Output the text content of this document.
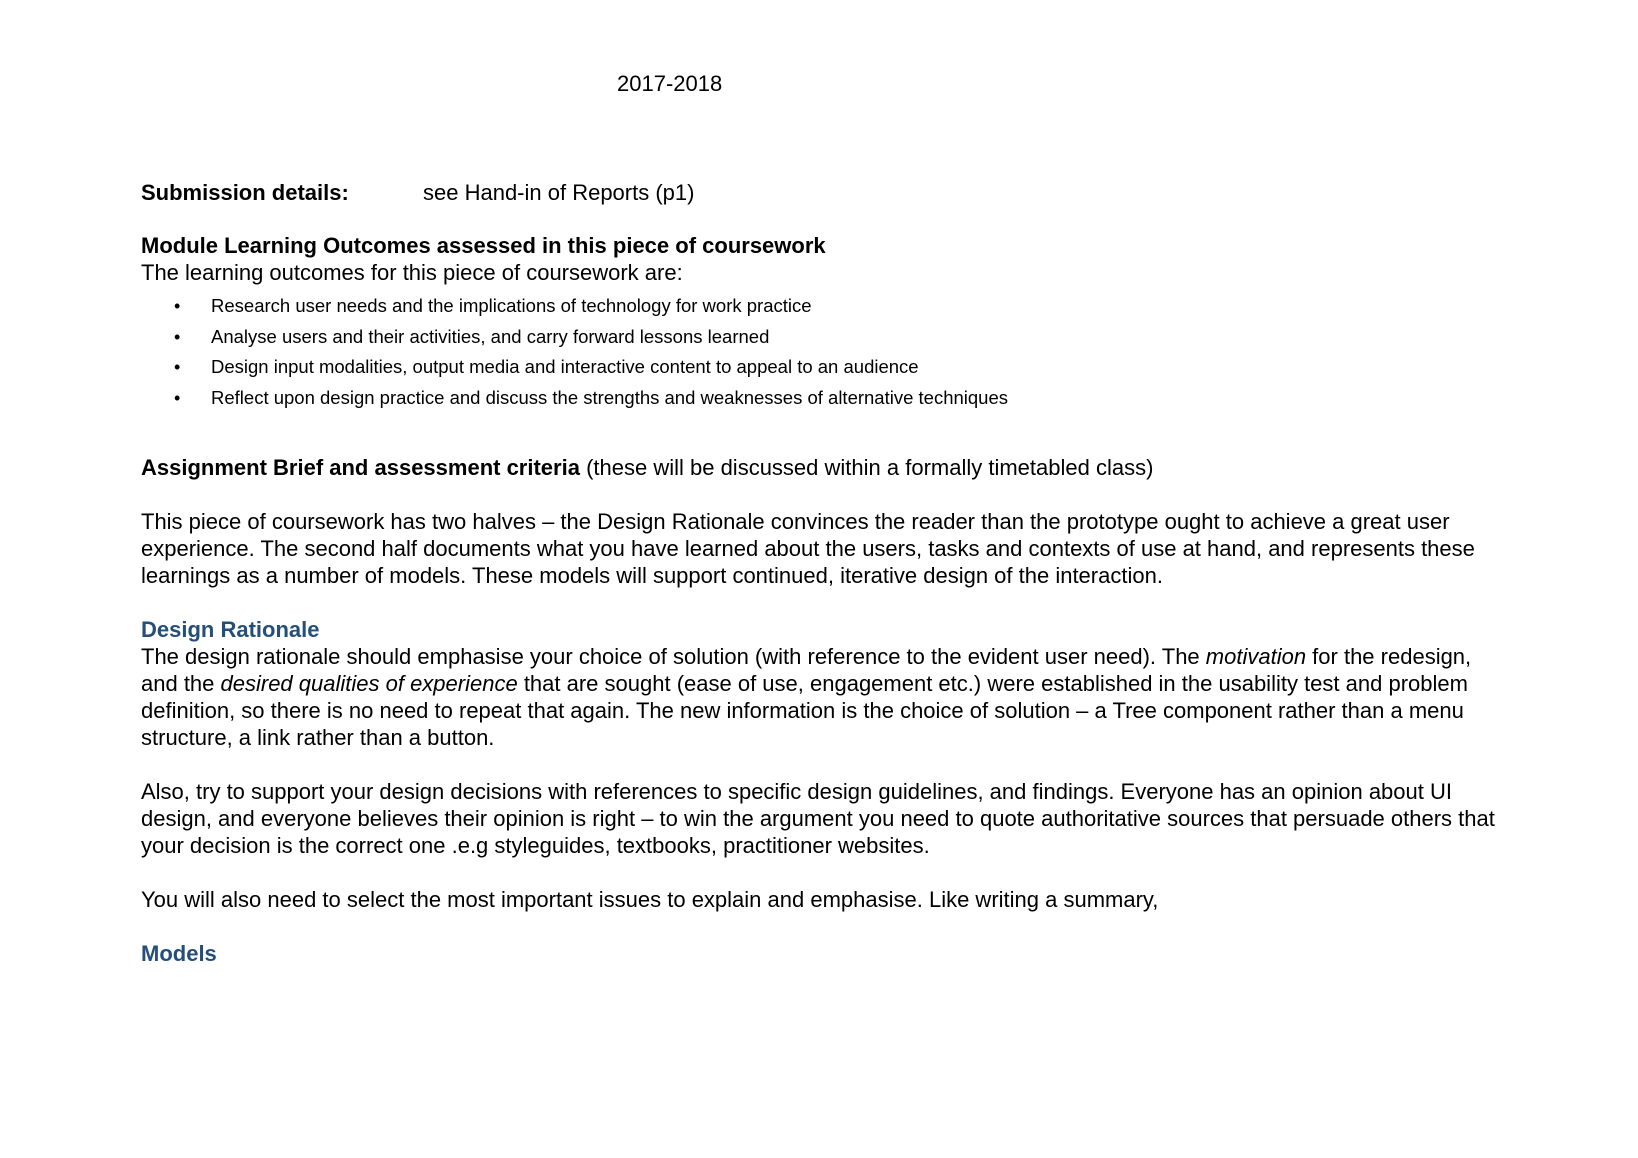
2017-2018

Submission details:	see Hand-in of Reports (p1)

Module Learning Outcomes assessed in this piece of coursework

The learning outcomes for this piece of coursework are:

• Research user needs and the implications of technology for work practice
• Analyse users and their activities, and carry forward lessons learned
• Design input modalities, output media and interactive content to appeal to an audience
• Reflect upon design practice and discuss the strengths and weaknesses of alternative techniques

Assignment Brief and assessment criteria (these will be discussed within a formally timetabled class)

This piece of coursework has two halves – the Design Rationale convinces the reader than the prototype ought to achieve a great user experience. The second half documents what you have learned about the users, tasks and contexts of use at hand, and represents these learnings as a number of models. These models will support continued, iterative design of the interaction.

Design Rationale

The design rationale should emphasise your choice of solution (with reference to the evident user need). The motivation for the redesign, and the desired qualities of experience that are sought (ease of use, engagement etc.) were established in the usability test and problem definition, so there is no need to repeat that again. The new information is the choice of solution – a Tree component rather than a menu structure, a link rather than a button.

Also, try to support your design decisions with references to specific design guidelines, and findings. Everyone has an opinion about UI design, and everyone believes their opinion is right – to win the argument you need to quote authoritative sources that persuade others that your decision is the correct one .e.g styleguides, textbooks, practitioner websites.

You will also need to select the most important issues to explain and emphasise. Like writing a summary,

Models
